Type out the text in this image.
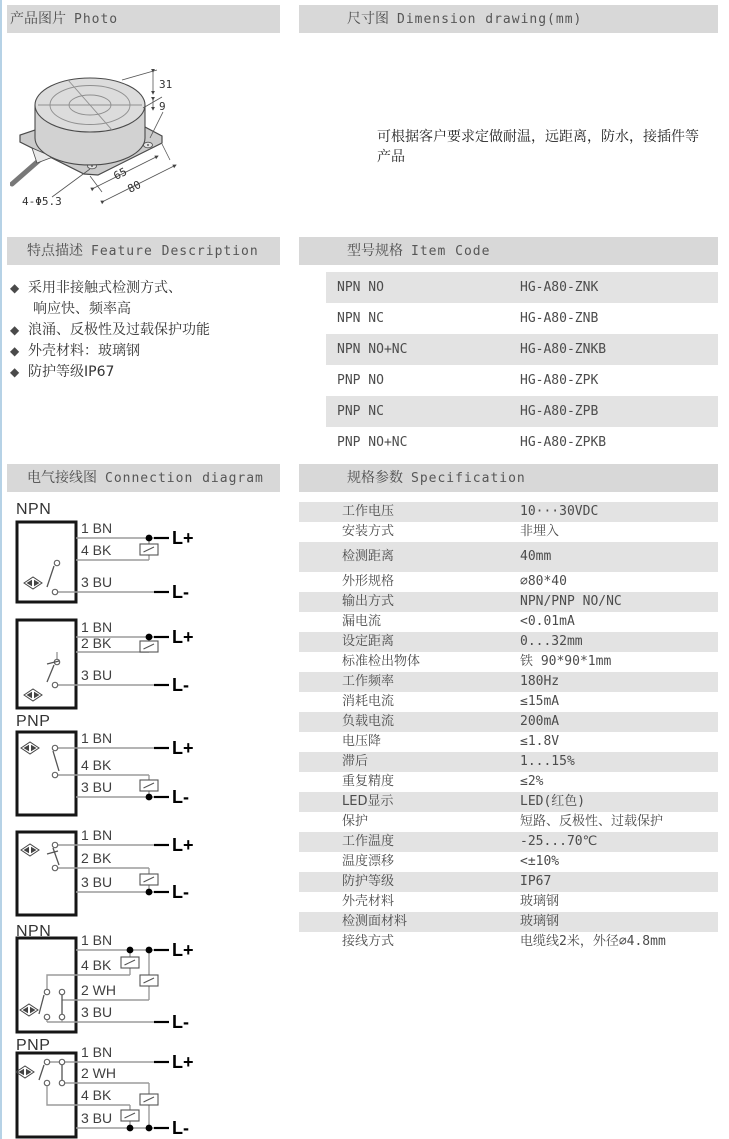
产品图片 Photo	尺寸图 Dimension drawing(mm)
31
9
65
80
4-Φ5.3
可根据客户要求定做耐温，远距离，防水，接插件等产品
特点描述 Feature Description	型号规格 Item Code
◆ 采用非接触式检测方式、
响应快、频率高
◆ 浪涌、反极性及过载保护功能
◆ 外壳材料：玻璃钢
◆ 防护等级IP67
NPN NO	HG-A80-ZNK
NPN NC	HG-A80-ZNB
NPN NO+NC	HG-A80-ZNKB
PNP NO	HG-A80-ZPK
PNP NC	HG-A80-ZPB
PNP NO+NC	HG-A80-ZPKB
电气接线图 Connection diagram	规格参数 Specification
工作电压	10···30VDC
安装方式	非埋入
检测距离	40mm
外形规格	∅80*40
输出方式	NPN/PNP NO/NC
漏电流	<0.01mA
设定距离	0...32mm
标准检出物体	铁 90*90*1mm
工作频率	180Hz
消耗电流	≤15mA
负载电流	200mA
电压降	≤1.8V
滞后	1...15%
重复精度	≤2%
LED显示	LED(红色)
保护	短路、反极性、过载保护
工作温度	-25...70℃
温度漂移	<±10%
防护等级	IP67
外壳材料	玻璃钢
检测面材料	玻璃钢
接线方式	电缆线2米，外径∅4.8mm
NPN
1 BN
4 BK
3 BU
L+
L-
1 BN
2 BK
3 BU
L+
L-
PNP
1 BN
4 BK
3 BU
L+
L-
1 BN
2 BK
3 BU
L+
L-
NPN 1 BN
4 BK
2 WH
3 BU
L+
L-
PNP 1 BN
2 WH
4 BK
3 BU
L+
L-
